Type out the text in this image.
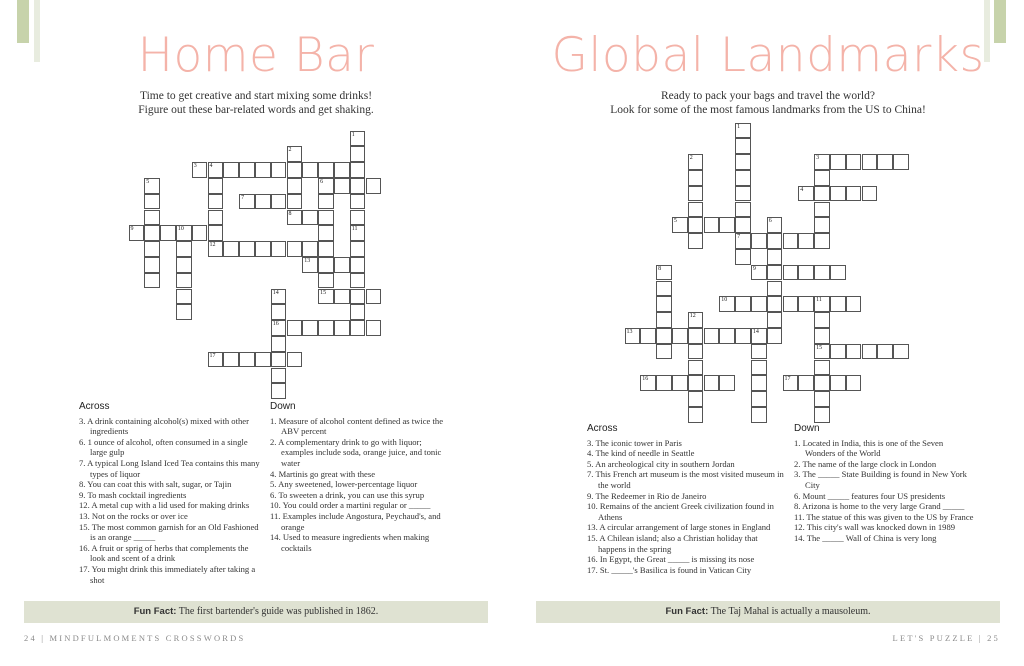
Home Bar
Time to get creative and start mixing some drinks!
Figure out these bar-related words and get shaking.
1
11
2
8
3 4
12
5	6
15
7
9	10
13
14
16
17
Across
3. A drink containing alcohol(s) mixed with other ingredients
6. 1 ounce of alcohol, often consumed in a single large gulp
7. A typical Long Island Iced Tea contains this many types of liquor
8. You can coat this with salt, sugar, or Tajin
9. To mash cocktail ingredients
12. A metal cup with a lid used for making drinks
13. Not on the rocks or over ice
15. The most common garnish for an Old Fashioned is an orange _____
16. A fruit or sprig of herbs that complements the look and scent of a drink
17. You might drink this immediately after taking a shot
Down
1. Measure of alcohol content defined as twice the ABV percent
2. A complementary drink to go with liquor; examples include soda, orange juice, and tonic water
4. Martinis go great with these
5. Any sweetened, lower-percentage liquor
6. To sweeten a drink, you can use this syrup
10. You could order a martini regular or _____
11. Examples include Angostura, Peychaud's, and orange
14. Used to measure ingredients when making cocktails
Fun Fact: The first bartender's guide was published in 1862.
24 | MINDFULMOMENTS CROSSWORDS
Global Landmarks
Ready to pack your bags and travel the world?
Look for some of the most famous landmarks from the US to China!
1
7
2	3
4
5	6
8	9
10	11
15
12
13	14
16	17
Across
3. The iconic tower in Paris
4. The kind of needle in Seattle
5. An archeological city in southern Jordan
7. This French art museum is the most visited museum in the world
9. The Redeemer in Rio de Janeiro
10. Remains of the ancient Greek civilization found in Athens
13. A circular arrangement of large stones in England
15. A Chilean island; also a Christian holiday that happens in the spring
16. In Egypt, the Great _____ is missing its nose
17. St. _____'s Basilica is found in Vatican City
Down
1. Located in India, this is one of the Seven Wonders of the World
2. The name of the large clock in London
3. The _____ State Building is found in New York City
6. Mount _____ features four US presidents
8. Arizona is home to the very large Grand _____
11. The statue of this was given to the US by France
12. This city's wall was knocked down in 1989
14. The _____ Wall of China is very long
Fun Fact: The Taj Mahal is actually a mausoleum.
LET'S PUZZLE | 25
